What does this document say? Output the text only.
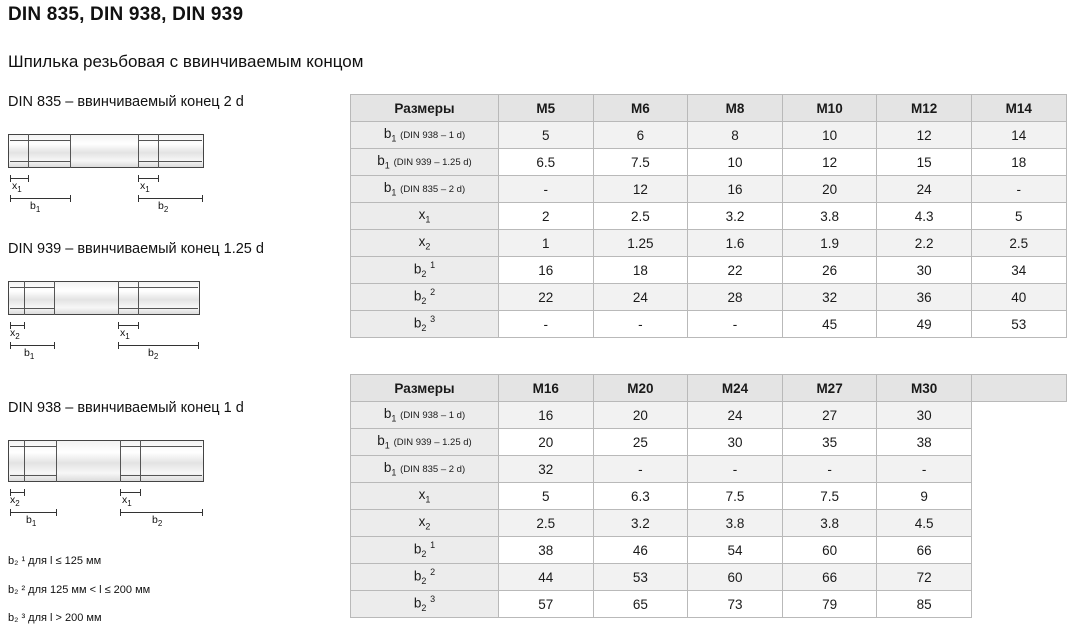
DIN 835, DIN 938, DIN 939
Шпилька резьбовая с ввинчиваемым концом
DIN 835 – ввинчиваемый конец 2 d
$x_1$
$b_1$
$x_1$
$b_2$
DIN 939 – ввинчиваемый конец 1.25 d
$x_2$
$b_1$
$x_1$
$b_2$
DIN 938 – ввинчиваемый конец 1 d
$x_2$
$b_1$
$x_1$
$b_2$
b₂ ¹ для l ≤ 125 мм
b₂ ² для 125 мм < l ≤ 200 мм
b₂ ³ для l > 200 мм
Размеры	M5	M6	M8	M10	M12	M14
$b_1$ (DIN 938 – 1 d)	5	6	8	10	12	14
$b_1$ (DIN 939 – 1.25 d)	6.5	7.5	10	12	15	18
$b_1$ (DIN 835 – 2 d)	-	12	16	20	24	-
$x_1$	2	2.5	3.2	3.8	4.3	5
$x_2$	1	1.25	1.6	1.9	2.2	2.5
$b_2$ $^1$	16	18	22	26	30	34
$b_2$ $^2$	22	24	28	32	36	40
$b_2$ $^3$	-	-	-	45	49	53
Размеры	M16	M20	M24	M27	M30	
$b_1$ (DIN 938 – 1 d)	16	20	24	27	30	
$b_1$ (DIN 939 – 1.25 d)	20	25	30	35	38	
$b_1$ (DIN 835 – 2 d)	32	-	-	-	-	
$x_1$	5	6.3	7.5	7.5	9	
$x_2$	2.5	3.2	3.8	3.8	4.5	
$b_2$ $^1$	38	46	54	60	66	
$b_2$ $^2$	44	53	60	66	72	
$b_2$ $^3$	57	65	73	79	85	
